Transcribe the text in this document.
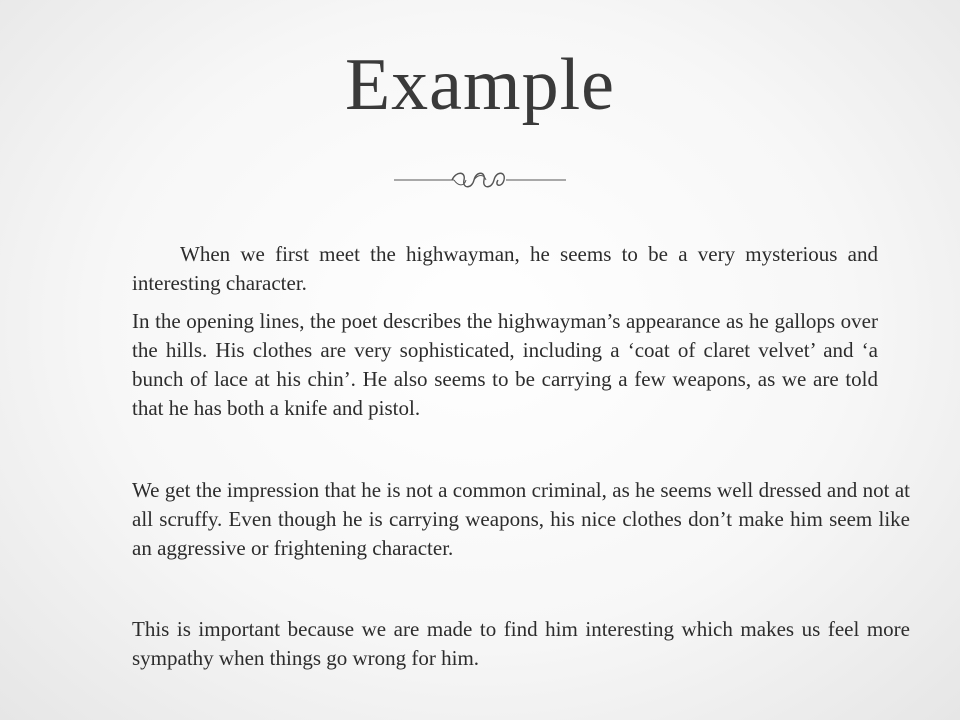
Example

When we first meet the highwayman, he seems to be a very mysterious and interesting character.

In the opening lines, the poet describes the highwayman’s appearance as he gallops over the hills. His clothes are very sophisticated, including a ‘coat of claret velvet’ and ‘a bunch of lace at his chin’. He also seems to be carrying a few weapons, as we are told that he has both a knife and pistol.

We get the impression that he is not a common criminal, as he seems well dressed and not at all scruffy. Even though he is carrying weapons, his nice clothes don’t make him seem like an aggressive or frightening character.

This is important because we are made to find him interesting which makes us feel more sympathy when things go wrong for him.
